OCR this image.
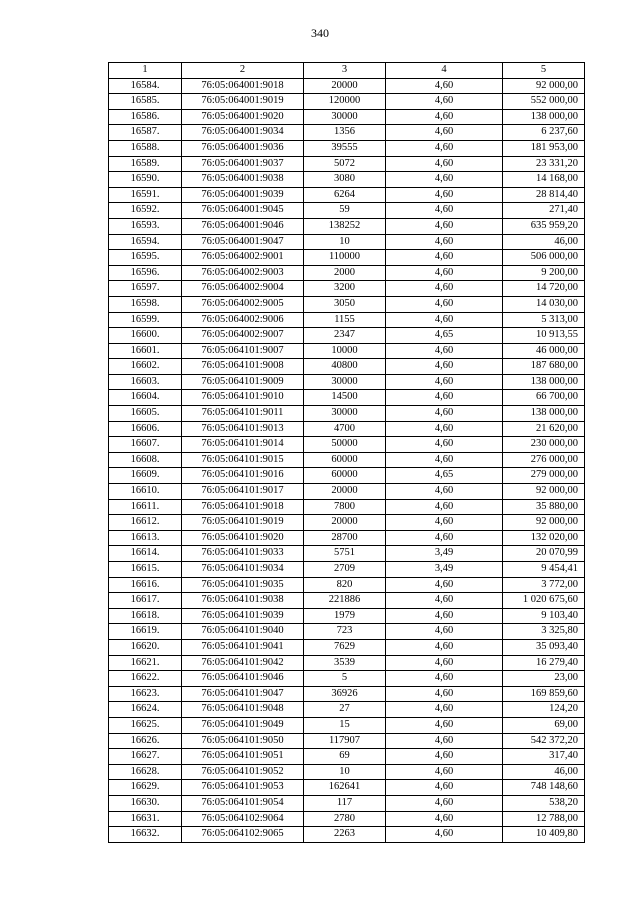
340
1	2	3	4	5
16584.	76:05:064001:9018	20000	4,60	92 000,00
16585.	76:05:064001:9019	120000	4,60	552 000,00
16586.	76:05:064001:9020	30000	4,60	138 000,00
16587.	76:05:064001:9034	1356	4,60	6 237,60
16588.	76:05:064001:9036	39555	4,60	181 953,00
16589.	76:05:064001:9037	5072	4,60	23 331,20
16590.	76:05:064001:9038	3080	4,60	14 168,00
16591.	76:05:064001:9039	6264	4,60	28 814,40
16592.	76:05:064001:9045	59	4,60	271,40
16593.	76:05:064001:9046	138252	4,60	635 959,20
16594.	76:05:064001:9047	10	4,60	46,00
16595.	76:05:064002:9001	110000	4,60	506 000,00
16596.	76:05:064002:9003	2000	4,60	9 200,00
16597.	76:05:064002:9004	3200	4,60	14 720,00
16598.	76:05:064002:9005	3050	4,60	14 030,00
16599.	76:05:064002:9006	1155	4,60	5 313,00
16600.	76:05:064002:9007	2347	4,65	10 913,55
16601.	76:05:064101:9007	10000	4,60	46 000,00
16602.	76:05:064101:9008	40800	4,60	187 680,00
16603.	76:05:064101:9009	30000	4,60	138 000,00
16604.	76:05:064101:9010	14500	4,60	66 700,00
16605.	76:05:064101:9011	30000	4,60	138 000,00
16606.	76:05:064101:9013	4700	4,60	21 620,00
16607.	76:05:064101:9014	50000	4,60	230 000,00
16608.	76:05:064101:9015	60000	4,60	276 000,00
16609.	76:05:064101:9016	60000	4,65	279 000,00
16610.	76:05:064101:9017	20000	4,60	92 000,00
16611.	76:05:064101:9018	7800	4,60	35 880,00
16612.	76:05:064101:9019	20000	4,60	92 000,00
16613.	76:05:064101:9020	28700	4,60	132 020,00
16614.	76:05:064101:9033	5751	3,49	20 070,99
16615.	76:05:064101:9034	2709	3,49	9 454,41
16616.	76:05:064101:9035	820	4,60	3 772,00
16617.	76:05:064101:9038	221886	4,60	1 020 675,60
16618.	76:05:064101:9039	1979	4,60	9 103,40
16619.	76:05:064101:9040	723	4,60	3 325,80
16620.	76:05:064101:9041	7629	4,60	35 093,40
16621.	76:05:064101:9042	3539	4,60	16 279,40
16622.	76:05:064101:9046	5	4,60	23,00
16623.	76:05:064101:9047	36926	4,60	169 859,60
16624.	76:05:064101:9048	27	4,60	124,20
16625.	76:05:064101:9049	15	4,60	69,00
16626.	76:05:064101:9050	117907	4,60	542 372,20
16627.	76:05:064101:9051	69	4,60	317,40
16628.	76:05:064101:9052	10	4,60	46,00
16629.	76:05:064101:9053	162641	4,60	748 148,60
16630.	76:05:064101:9054	117	4,60	538,20
16631.	76:05:064102:9064	2780	4,60	12 788,00
16632.	76:05:064102:9065	2263	4,60	10 409,80
